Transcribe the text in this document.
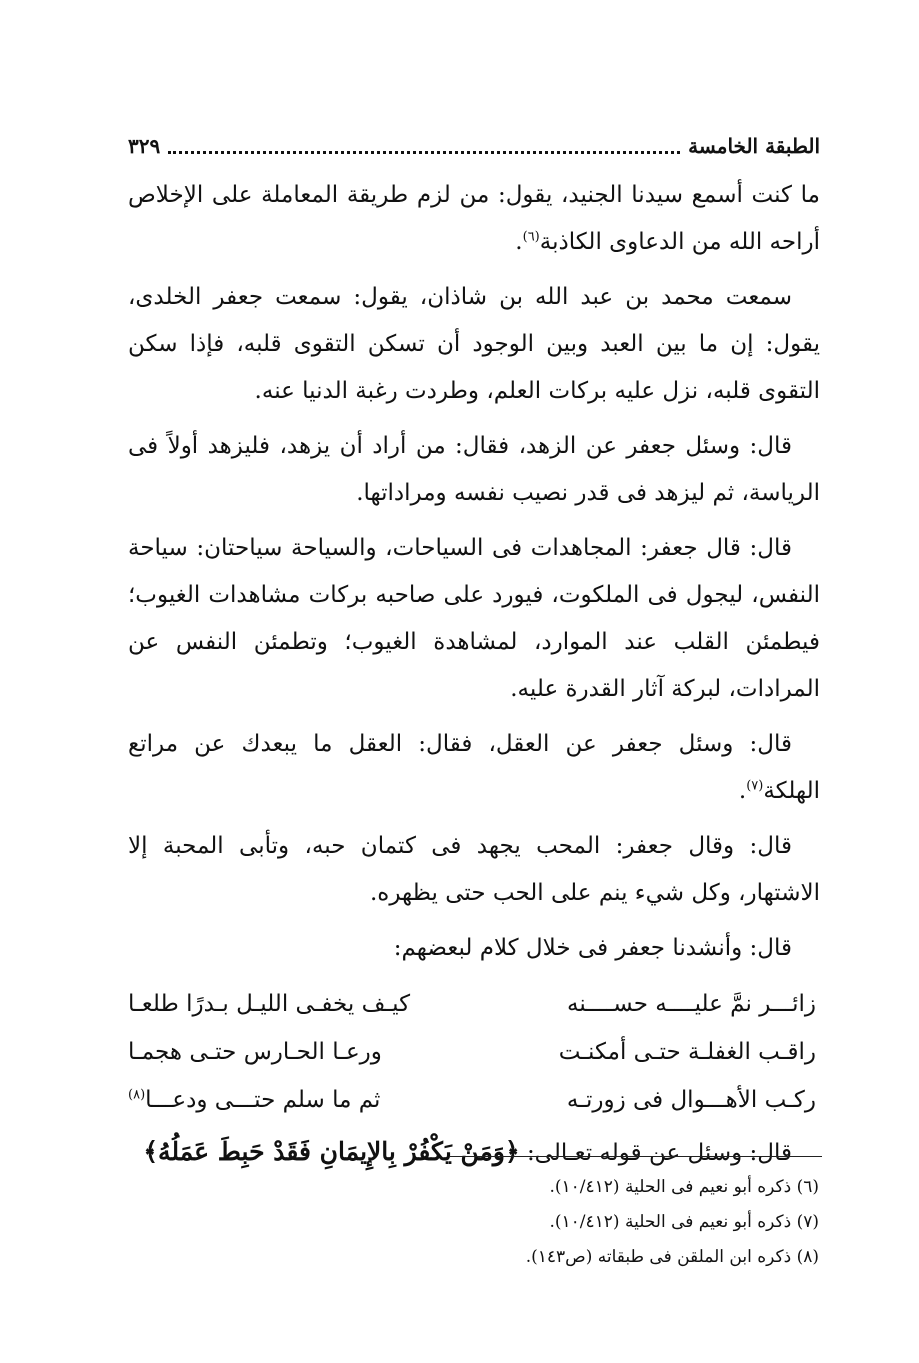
الطبقة الخامسة
٣٢٩

ما كنت أسمع سيدنا الجنيد، يقول: من لزم طريقة المعاملة على الإخلاص أراحه الله من الدعاوى الكاذبة$^{(٦)}$.

سمعت محمد بن عبد الله بن شاذان، يقول: سمعت جعفر الخلدى، يقول: إن ما بين العبد وبين الوجود أن تسكن التقوى قلبه، فإذا سكن التقوى قلبه، نزل عليه بركات العلم، وطردت رغبة الدنيا عنه.

قال: وسئل جعفر عن الزهد، فقال: من أراد أن يزهد، فليزهد أولاً فى الرياسة، ثم ليزهد فى قدر نصيب نفسه ومراداتها.

قال: قال جعفر: المجاهدات فى السياحات، والسياحة سياحتان: سياحة النفس، ليجول فى الملكوت، فيورد على صاحبه بركات مشاهدات الغيوب؛ فيطمئن القلب عند الموارد، لمشاهدة الغيوب؛ وتطمئن النفس عن المرادات، لبركة آثار القدرة عليه.

قال: وسئل جعفر عن العقل، فقال: العقل ما يبعدك عن مراتع الهلكة$^{(٧)}$.

قال: وقال جعفر: المحب يجهد فى كتمان حبه، وتأبى المحبة إلا الاشتهار، وكل شيء ينم على الحب حتى يظهره.

قال: وأنشدنا جعفر فى خلال كلام لبعضهم:

زائـــر نمَّ عليــــه حســــنه
كيـف يخفـى الليـل بـدرًا طلعـا
راقـب الغفلـة حتـى أمكنـت
ورعـا الحـارس حتـى هجمـا
ركـب الأهـــوال فى زورتـه
ثم ما سلم حتـــى ودعـــا$^{(٨)}$

قال: وسئل عن قوله تعـالى: ﴿وَمَنْ يَكْفُرْ بِالإِيمَانِ فَقَدْ حَبِطَ عَمَلُهُ﴾

(٦) ذكره أبو نعيم فى الحلية (١٠/٤١٢).
(٧) ذكره أبو نعيم فى الحلية (١٠/٤١٢).
(٨) ذكره ابن الملقن فى طبقاته (ص١٤٣).
